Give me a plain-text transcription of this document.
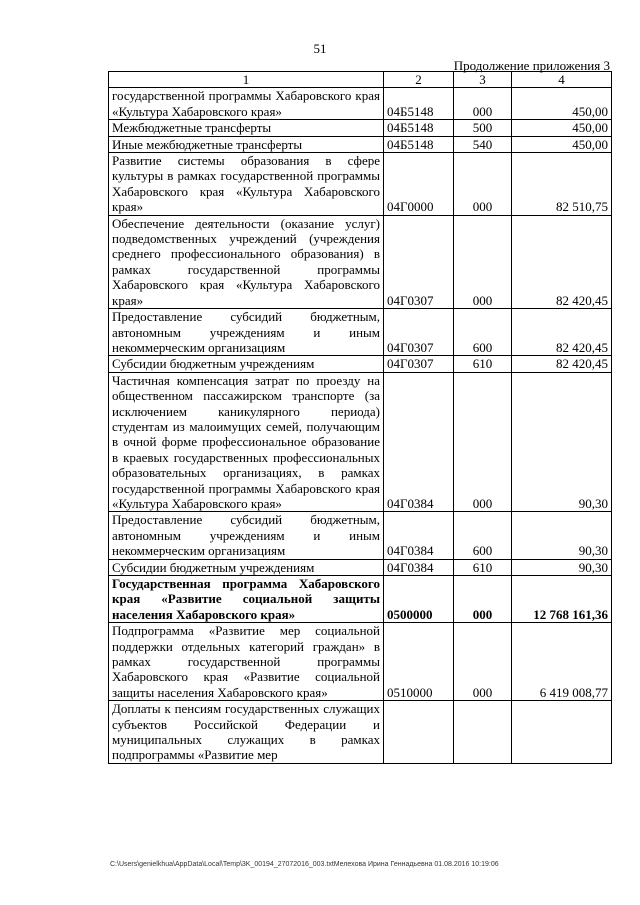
51
Продолжение приложения 3
1	2	3	4
государственной программы Хабаровского края «Культура Хабаровского края»	04Б5148	000	450,00
Межбюджетные трансферты	04Б5148	500	450,00
Иные межбюджетные трансферты	04Б5148	540	450,00
Развитие системы образования в сфере культуры в рамках государственной программы Хабаровского края «Культура Хабаровского края»	04Г0000	000	82 510,75
Обеспечение деятельности (оказание услуг) подведомственных учреждений (учреждения среднего профессионального образования) в рамках государственной программы Хабаровского края «Культура Хабаровского края»	04Г0307	000	82 420,45
Предоставление субсидий бюджетным, автономным учреждениям и иным некоммерческим организациям	04Г0307	600	82 420,45
Субсидии бюджетным учреждениям	04Г0307	610	82 420,45
Частичная компенсация затрат по проезду на общественном пассажирском транспорте (за исключением каникулярного периода) студентам из малоимущих семей, получающим в очной форме профессиональное образование в краевых государственных профессиональных образовательных организациях, в рамках государственной программы Хабаровского края «Культура Хабаровского края»	04Г0384	000	90,30
Предоставление субсидий бюджетным, автономным учреждениям и иным некоммерческим организациям	04Г0384	600	90,30
Субсидии бюджетным учреждениям	04Г0384	610	90,30
Государственная программа Хабаровского края «Развитие социальной защиты населения Хабаровского края»	0500000	000	12 768 161,36
Подпрограмма «Развитие мер социальной поддержки отдельных категорий граждан» в рамках государственной программы Хабаровского края «Развитие социальной защиты населения Хабаровского края»	0510000	000	6 419 008,77
Доплаты к пенсиям государственных служащих субъектов Российской Федерации и муниципальных служащих в рамках подпрограммы «Развитие мер			
C:\Users\genielkhua\AppData\Local\Temp\3K_00194_27072016_003.txtМелехова Ирина Геннадьевна 01.08.2016 10:19:06
